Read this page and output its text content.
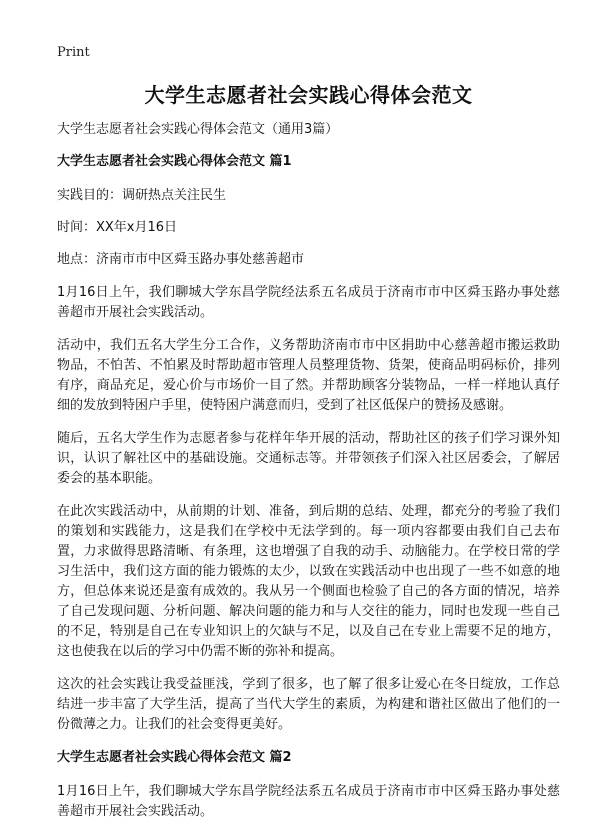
Print
大学生志愿者社会实践心得体会范文
大学生志愿者社会实践心得体会范文（通用3篇）
大学生志愿者社会实践心得体会范文 篇1
实践目的：调研热点关注民生
时间：XX年x月16日
地点：济南市市中区舜玉路办事处慈善超市

1月16日上午，我们聊城大学东昌学院经法系五名成员于济南市市中区舜玉路办事处慈善超市开展社会实践活动。

活动中，我们五名大学生分工合作，义务帮助济南市市中区捐助中心慈善超市搬运救助物品，不怕苦、不怕累及时帮助超市管理人员整理货物、货架，使商品明码标价，排列有序，商品充足，爱心价与市场价一目了然。并帮助顾客分装物品，一样一样地认真仔细的发放到特困户手里，使特困户满意而归，受到了社区低保户的赞扬及感谢。

随后，五名大学生作为志愿者参与花样年华开展的活动，帮助社区的孩子们学习课外知识，认识了解社区中的基础设施。交通标志等。并带领孩子们深入社区居委会，了解居委会的基本职能。

在此次实践活动中，从前期的计划、准备，到后期的总结、处理，都充分的考验了我们的策划和实践能力，这是我们在学校中无法学到的。每一项内容都要由我们自己去布置，力求做得思路清晰、有条理，这也增强了自我的动手、动脑能力。在学校日常的学习生活中，我们这方面的能力锻炼的太少，以致在实践活动中也出现了一些不如意的地方，但总体来说还是蛮有成效的。我从另一个侧面也检验了自己的各方面的情况，培养了自己发现问题、分析问题、解决问题的能力和与人交往的能力，同时也发现一些自己的不足，特别是自己在专业知识上的欠缺与不足，以及自己在专业上需要不足的地方，这也使我在以后的学习中仍需不断的弥补和提高。

这次的社会实践让我受益匪浅，学到了很多，也了解了很多让爱心在冬日绽放，工作总结进一步丰富了大学生活，提高了当代大学生的素质，为构建和谐社区做出了他们的一份微薄之力。让我们的社会变得更美好。

大学生志愿者社会实践心得体会范文 篇2

1月16日上午，我们聊城大学东昌学院经法系五名成员于济南市市中区舜玉路办事处慈善超市开展社会实践活动。
